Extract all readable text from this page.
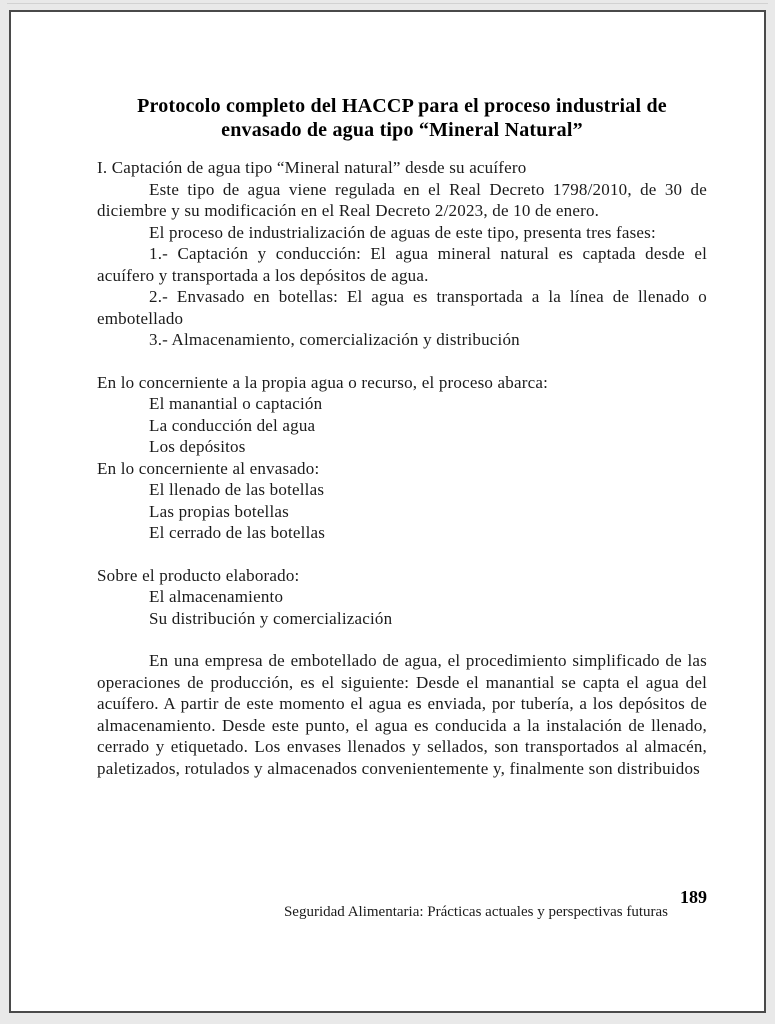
Protocolo completo del HACCP para el proceso industrial de
envasado de agua tipo “Mineral Natural”

I. Captación de agua tipo “Mineral natural” desde su acuífero

Este tipo de agua viene regulada en el Real Decreto 1798/2010, de 30 de diciembre y su modificación en el Real Decreto 2/2023, de 10 de enero.

El proceso de industrialización de aguas de este tipo, presenta tres fases:

1.- Captación y conducción: El agua mineral natural es captada desde el acuífero y transportada a los depósitos de agua.

2.- Envasado en botellas: El agua es transportada a la línea de llenado o embotellado

3.- Almacenamiento, comercialización y distribución

En lo concerniente a la propia agua o recurso, el proceso abarca:

El manantial o captación

La conducción del agua

Los depósitos

En lo concerniente al envasado:

El llenado de las botellas

Las propias botellas

El cerrado de las botellas

Sobre el producto elaborado:

El almacenamiento

Su distribución y comercialización

En una empresa de embotellado de agua, el procedimiento simplificado de las operaciones de producción, es el siguiente: Desde el manantial se capta el agua del acuífero. A partir de este momento el agua es enviada, por tubería, a los depósitos de almacenamiento. Desde este punto, el agua es conducida a la instalación de llenado, cerrado y etiquetado. Los envases llenados y sellados, son transportados al almacén, paletizados, rotulados y almacenados convenientemente y, finalmente son distribuidos

Seguridad Alimentaria: Prácticas actuales y perspectivas futuras
189
